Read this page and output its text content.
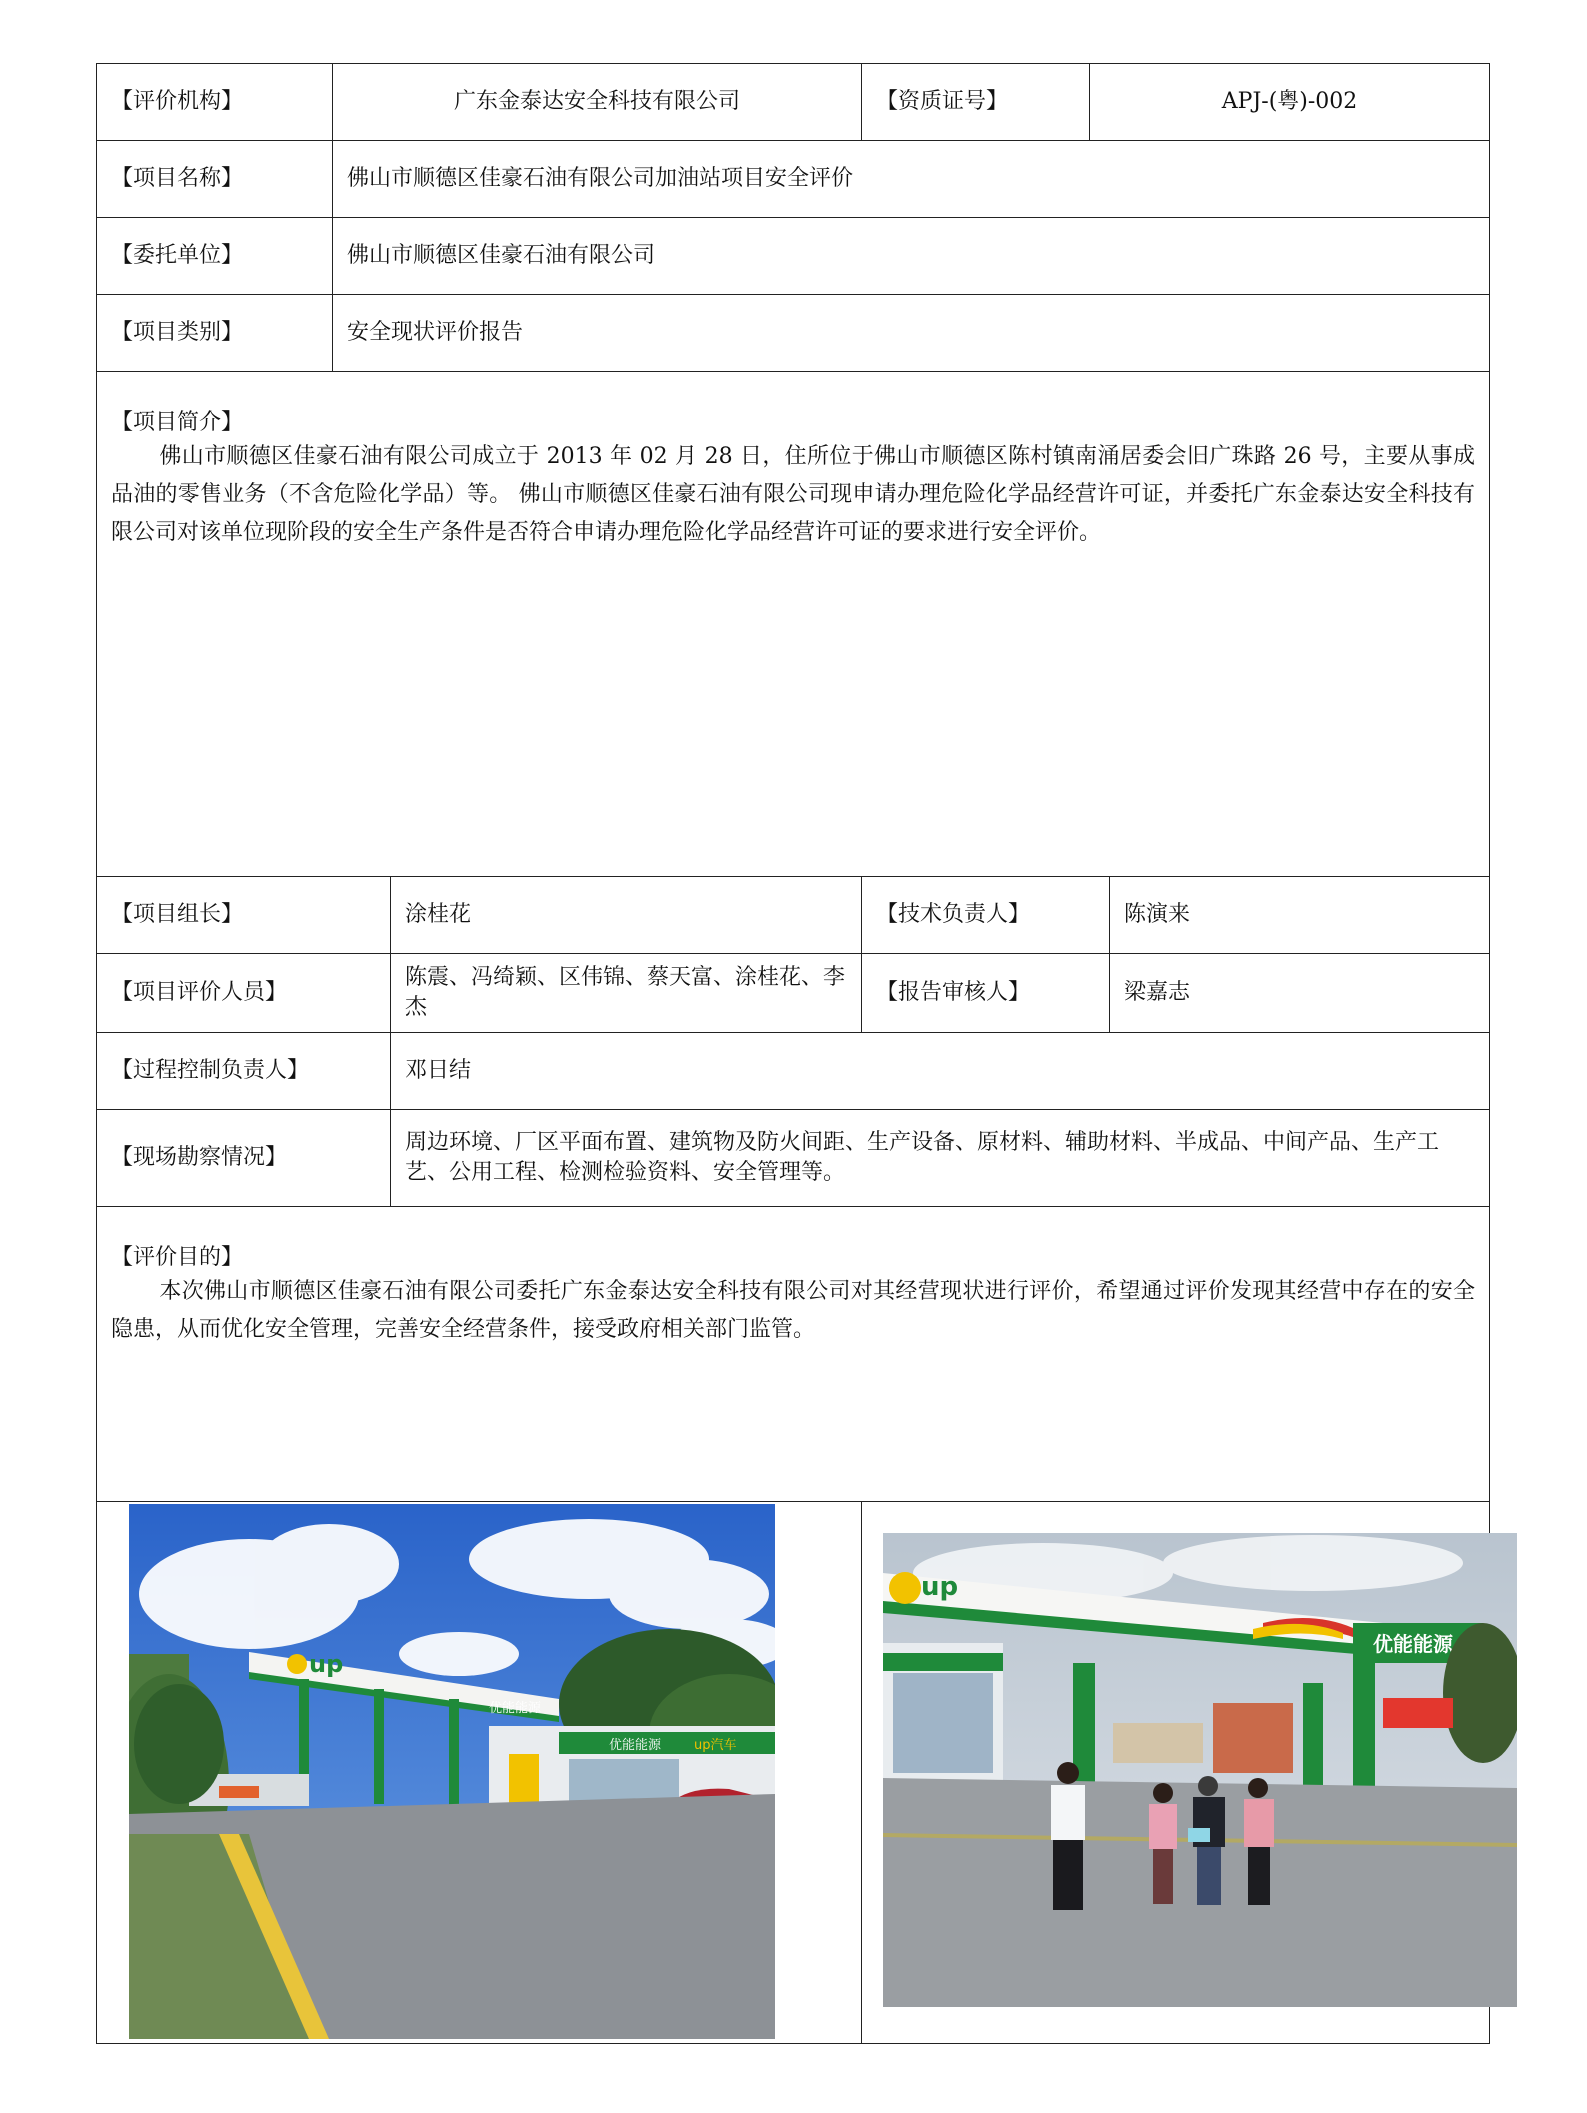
【评价机构】	广东金泰达安全科技有限公司		【资质证号】	APJ-(粤)-002	
【项目名称】	佛山市顺德区佳豪石油有限公司加油站项目安全评价				
【委托单位】	佛山市顺德区佳豪石油有限公司				
【项目类别】	安全现状评价报告				

【项目简介】
佛山市顺德区佳豪石油有限公司成立于 2013 年 02 月 28 日，住所位于佛山市顺德区陈村镇南涌居委会旧广珠路 26 号，主要从事成品油的零售业务（不含危险化学品）等。 佛山市顺德区佳豪石油有限公司现申请办理危险化学品经营许可证，并委托广东金泰达安全科技有限公司对该单位现阶段的安全生产条件是否符合申请办理危险化学品经营许可证的要求进行安全评价。					

【项目组长】		涂桂花	【技术负责人】		陈演来
【项目评价人员】		陈震、冯绮颖、区伟锦、蔡天富、涂桂花、李杰	【报告审核人】		梁嘉志
【过程控制负责人】		邓日结			
【现场勘察情况】		周边环境、厂区平面布置、建筑物及防火间距、生产设备、原材料、辅助材料、半成品、中间产品、生产工艺、公用工程、检测检验资料、安全管理等。			

【评价目的】
本次佛山市顺德区佳豪石油有限公司委托广东金泰达安全科技有限公司对其经营现状进行评价，希望通过评价发现其经营中存在的安全隐患，从而优化安全管理，完善安全经营条件，接受政府相关部门监管。					

up
优能能源
优能能源 up汽车			优能能源
up		
